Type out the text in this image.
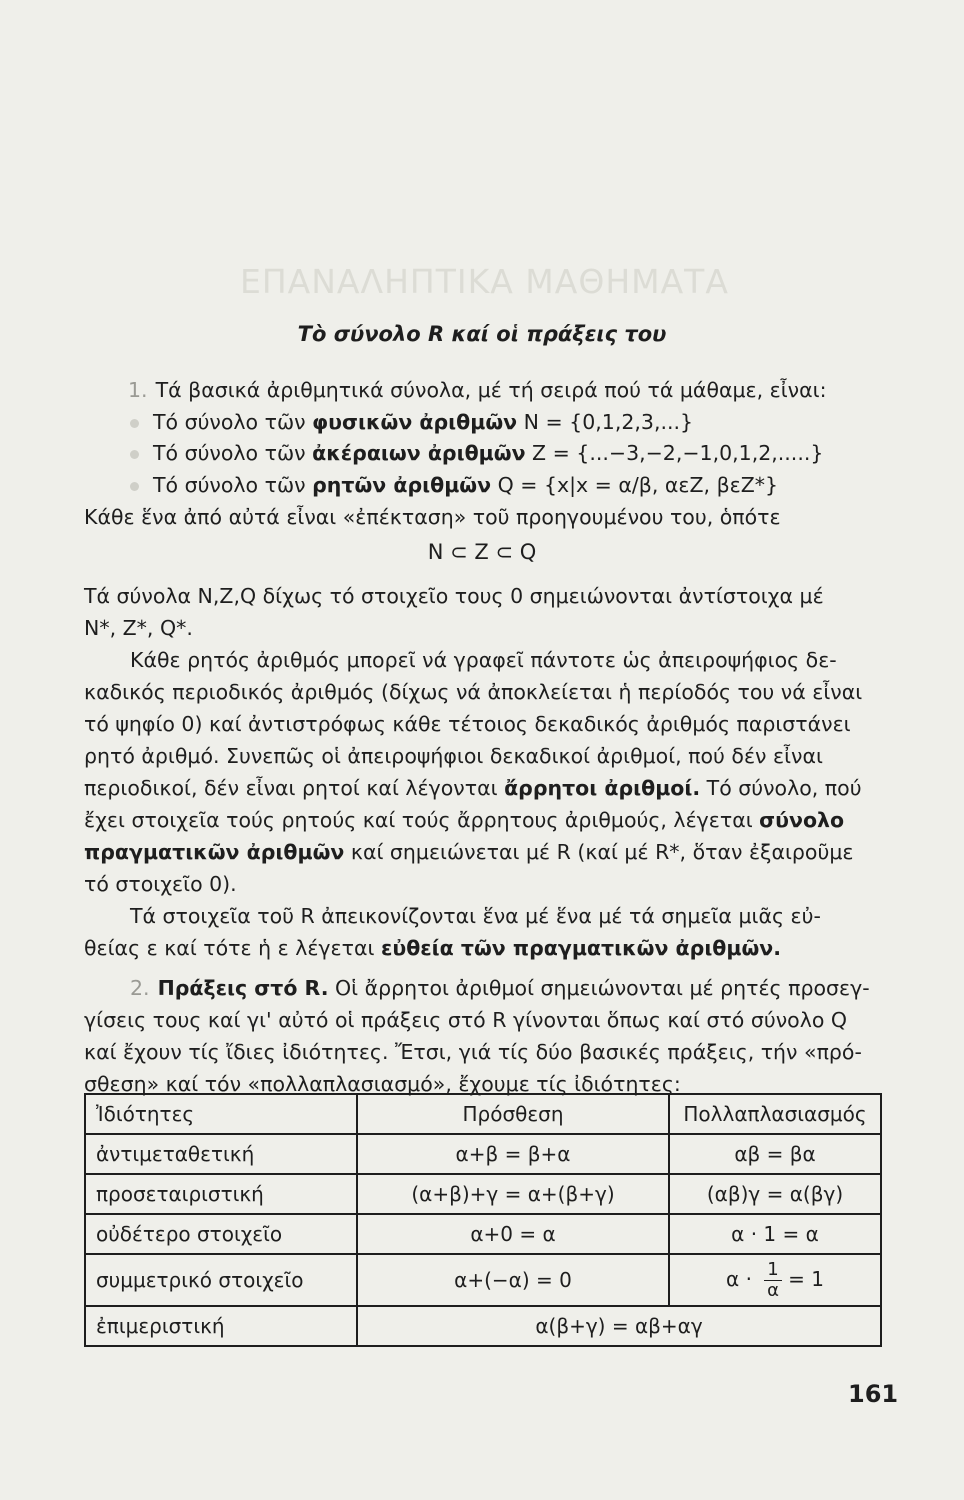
ΕΠΑΝΑΛΗΠΤΙΚΑ ΜΑΘΗΜΑΤΑ
Τὸ σύνολο R καί οἱ πράξεις του
1. Τά βασικά ἀριθμητικά σύνολα, μέ τή σειρά πού τά μάθαμε, εἶναι:
Τό σύνολο τῶν φυσικῶν ἀριθμῶν N = {0,1,2,3,...}
Τό σύνολο τῶν ἀκέραιων ἀριθμῶν Z = {...−3,−2,−1,0,1,2,.....}
Τό σύνολο τῶν ρητῶν ἀριθμῶν Q = {x|x = α/β, αεZ, βεZ*}
Κάθε ἕνα ἀπό αὐτά εἶναι «ἐπέκταση» τοῦ προηγουμένου του, ὁπότε
N ⊂ Z ⊂ Q
Τά σύνολα N,Z,Q δίχως τό στοιχεῖο τους 0 σημειώνονται ἀντίστοιχα μέ
N*, Z*, Q*.
Κάθε ρητός ἀριθμός μπορεῖ νά γραφεῖ πάντοτε ὡς ἀπειροψήφιος δε-
καδικός περιοδικός ἀριθμός (δίχως νά ἀποκλείεται ἡ περίοδός του νά εἶναι
τό ψηφίο 0) καί ἀντιστρόφως κάθε τέτοιος δεκαδικός ἀριθμός παριστάνει
ρητό ἀριθμό. Συνεπῶς οἱ ἀπειροψήφιοι δεκαδικοί ἀριθμοί, πού δέν εἶναι
περιοδικοί, δέν εἶναι ρητοί καί λέγονται ἄρρητοι ἀριθμοί. Τό σύνολο, πού
ἔχει στοιχεῖα τούς ρητούς καί τούς ἄρρητους ἀριθμούς, λέγεται σύνολο
πραγματικῶν ἀριθμῶν καί σημειώνεται μέ R (καί μέ R*, ὅταν ἐξαιροῦμε
τό στοιχεῖο 0).
Τά στοιχεῖα τοῦ R ἀπεικονίζονται ἕνα μέ ἕνα μέ τά σημεῖα μιᾶς εὐ-
θείας ε καί τότε ἡ ε λέγεται εὐθεία τῶν πραγματικῶν ἀριθμῶν.
2. Πράξεις στό R. Οἱ ἄρρητοι ἀριθμοί σημειώνονται μέ ρητές προσεγ-
γίσεις τους καί γι' αὐτό οἱ πράξεις στό R γίνονται ὅπως καί στό σύνολο Q
καί ἔχουν τίς ἴδιες ἰδιότητες. Ἔτσι, γιά τίς δύο βασικές πράξεις, τήν «πρό-
σθεση» καί τόν «πολλαπλασιασμό», ἔχουμε τίς ἰδιότητες:
Ἰδιότητες	Πρόσθεση	Πολλαπλασιασμός
ἀντιμεταθετική	α+β = β+α	αβ = βα
προσεταιριστική	(α+β)+γ = α+(β+γ)	(αβ)γ = α(βγ)
οὐδέτερο στοιχεῖο	α+0 = α	α · 1 = α
συμμετρικό στοιχεῖο	α+(−α) = 0	$\alpha \cdot \frac{1}{\alpha} = 1$
ἐπιμεριστική	α(β+γ) = αβ+αγ	
161
